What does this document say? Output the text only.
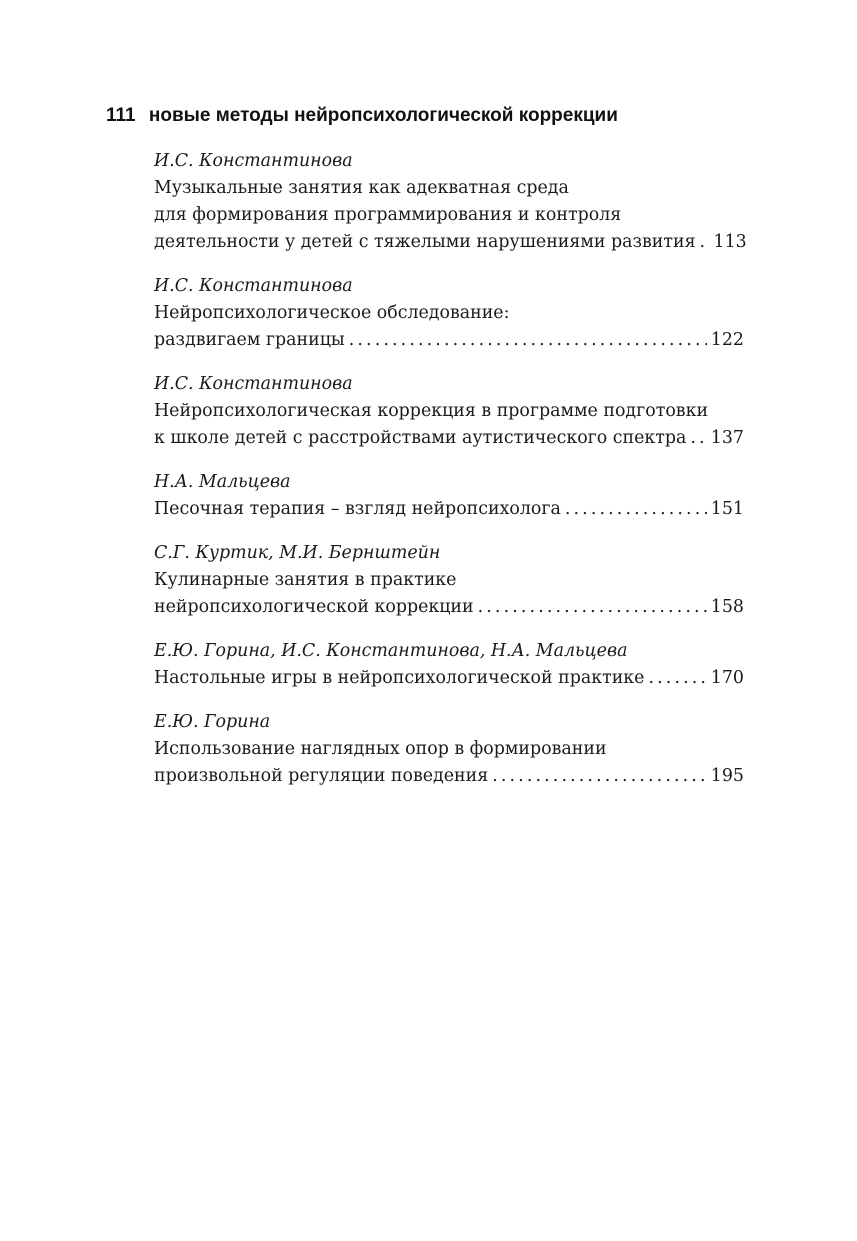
111 новые методы нейропсихологической коррекции
И.С. Константинова
Музыкальные занятия как адекватная среда
для формирования программирования и контроля
деятельности у детей с тяжелыми нарушениями развития . . . 113
И.С. Константинова
Нейропсихологическое обследование:
раздвигаем границы . . .	122
И.С. Константинова
Нейропсихологическая коррекция в программе подготовки
к школе детей с расстройствами аутистического спектра . . . 137
Н.А. Мальцева
Песочная терапия – взгляд нейропсихолога . . .	151
С.Г. Куртик, М.И. Бернштейн
Кулинарные занятия в практике
нейропсихологической коррекции . . .	158
Е.Ю. Горина, И.С. Константинова, Н.А. Мальцева
Настольные игры в нейропсихологической практике . . .	170
Е.Ю. Горина
Использование наглядных опор в формировании
произвольной регуляции поведения . . .	195
